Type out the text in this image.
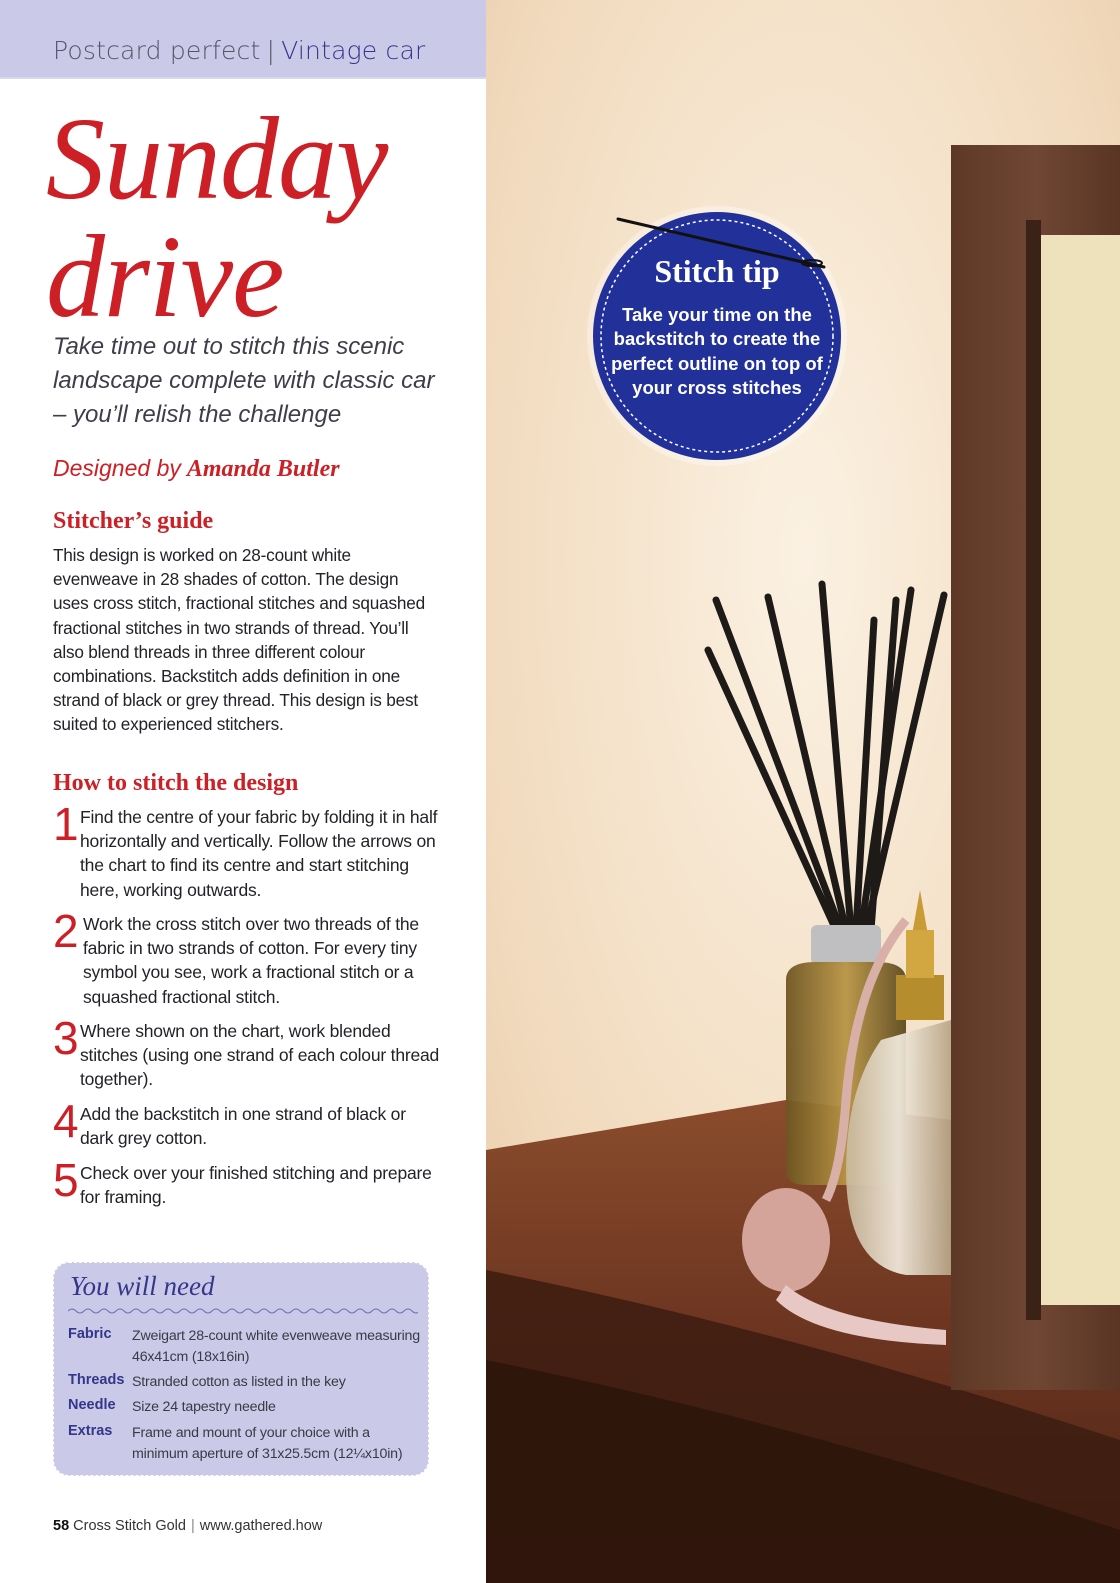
Postcard perfect | Vintage car
Sunday
drive
Take time out to stitch this scenic landscape complete with classic car – you’ll relish the challenge
Designed by Amanda Butler
Stitcher’s guide
This design is worked on 28-count white evenweave in 28 shades of cotton. The design uses cross stitch, fractional stitches and squashed fractional stitches in two strands of thread. You’ll also blend threads in three different colour combinations. Backstitch adds definition in one strand of black or grey thread. This design is best suited to experienced stitchers.
How to stitch the design
1 Find the centre of your fabric by folding it in half horizontally and vertically. Follow the arrows on the chart to find its centre and start stitching here, working outwards.
2 Work the cross stitch over two threads of the fabric in two strands of cotton. For every tiny symbol you see, work a fractional stitch or a squashed fractional stitch.
3 Where shown on the chart, work blended stitches (using one strand of each colour thread together).
4 Add the backstitch in one strand of black or dark grey cotton.
5 Check over your finished stitching and prepare for framing.
You will need
Fabric Zweigart 28-count white evenweave measuring 46x41cm (18x16in)
Threads Stranded cotton as listed in the key
Needle Size 24 tapestry needle
Extras Frame and mount of your choice with a minimum aperture of 31x25.5cm (12¼x10in)
58 Cross Stitch Gold | www.gathered.how
Stitch tip
Take your time on the backstitch to create the perfect outline on top of your cross stitches
